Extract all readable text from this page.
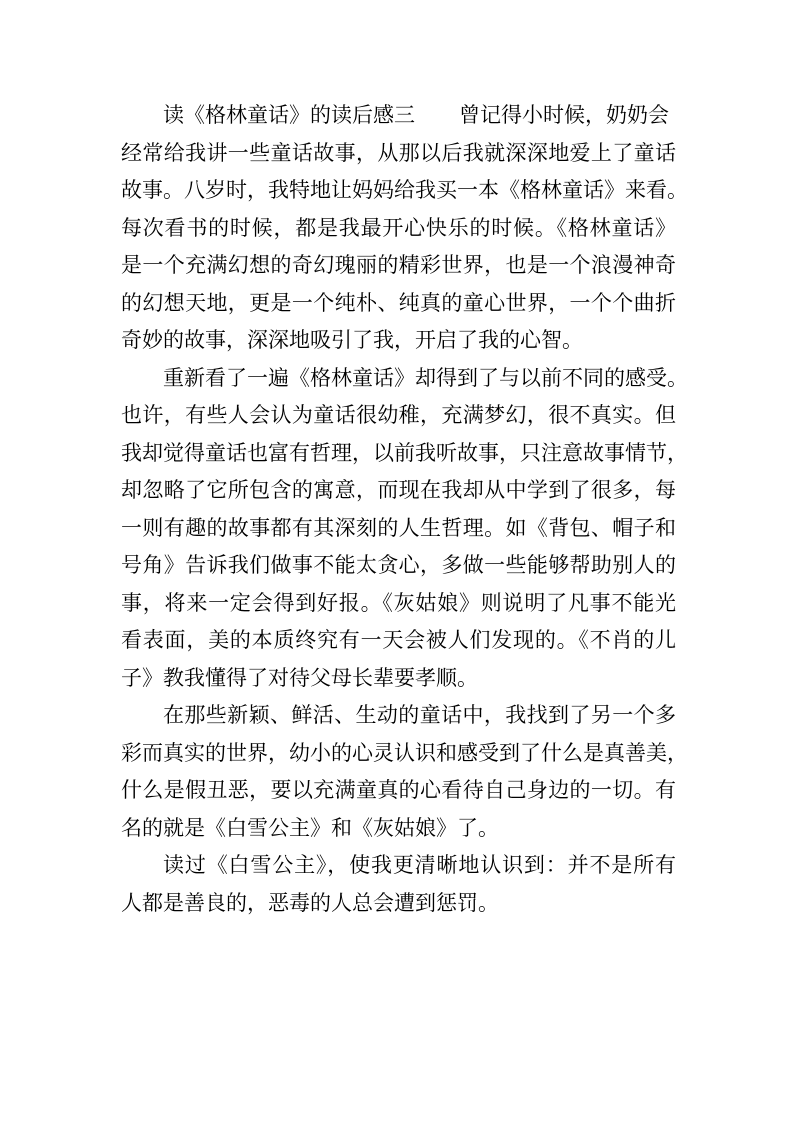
读《格林童话》的读后感三 曾记得小时候，奶奶会
经常给我讲一些童话故事，从那以后我就深深地爱上了童话
故事。八岁时，我特地让妈妈给我买一本《格林童话》来看。
每次看书的时候，都是我最开心快乐的时候。《格林童话》
是一个充满幻想的奇幻瑰丽的精彩世界，也是一个浪漫神奇
的幻想天地，更是一个纯朴、纯真的童心世界，一个个曲折
奇妙的故事，深深地吸引了我，开启了我的心智。
重新看了一遍《格林童话》却得到了与以前不同的感受。
也许，有些人会认为童话很幼稚，充满梦幻，很不真实。但
我却觉得童话也富有哲理，以前我听故事，只注意故事情节，
却忽略了它所包含的寓意，而现在我却从中学到了很多，每
一则有趣的故事都有其深刻的人生哲理。如《背包、帽子和
号角》告诉我们做事不能太贪心，多做一些能够帮助别人的
事，将来一定会得到好报。《灰姑娘》则说明了凡事不能光
看表面，美的本质终究有一天会被人们发现的。《不肖的儿
子》教我懂得了对待父母长辈要孝顺。
在那些新颖、鲜活、生动的童话中，我找到了另一个多
彩而真实的世界，幼小的心灵认识和感受到了什么是真善美，
什么是假丑恶，要以充满童真的心看待自己身边的一切。有
名的就是《白雪公主》和《灰姑娘》了。
读过《白雪公主》，使我更清晰地认识到：并不是所有
人都是善良的，恶毒的人总会遭到惩罚。
